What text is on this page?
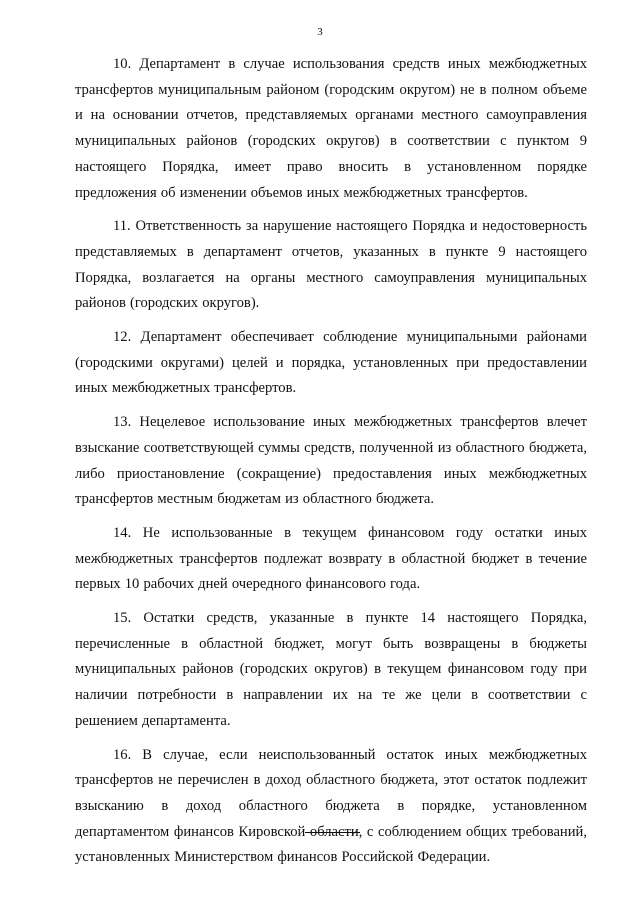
3

10. Департамент в случае использования средств иных межбюджетных трансфертов муниципальным районом (городским округом) не в полном объеме и на основании отчетов, представляемых органами местного самоуправления муниципальных районов (городских округов) в соответствии с пунктом 9 настоящего Порядка, имеет право вносить в установленном порядке предложения об изменении объемов иных межбюджетных трансфертов.

11. Ответственность за нарушение настоящего Порядка и недостоверность представляемых в департамент отчетов, указанных в пункте 9 настоящего Порядка, возлагается на органы местного самоуправления муниципальных районов (городских округов).

12. Департамент обеспечивает соблюдение муниципальными районами (городскими округами) целей и порядка, установленных при предоставлении иных межбюджетных трансфертов.

13. Нецелевое использование иных межбюджетных трансфертов влечет взыскание соответствующей суммы средств, полученной из областного бюджета, либо приостановление (сокращение) предоставления иных межбюджетных трансфертов местным бюджетам из областного бюджета.

14. Не использованные в текущем финансовом году остатки иных межбюджетных трансфертов подлежат возврату в областной бюджет в течение первых 10 рабочих дней очередного финансового года.

15. Остатки средств, указанные в пункте 14 настоящего Порядка, перечисленные в областной бюджет, могут быть возвращены в бюджеты муниципальных районов (городских округов) в текущем финансовом году при наличии потребности в направлении их на те же цели в соответствии с решением департамента.

16. В случае, если неиспользованный остаток иных межбюджетных трансфертов не перечислен в доход областного бюджета, этот остаток подлежит взысканию в доход областного бюджета в порядке, установленном департаментом финансов Кировской области, с соблюдением общих требований, установленных Министерством финансов Российской Федерации.
